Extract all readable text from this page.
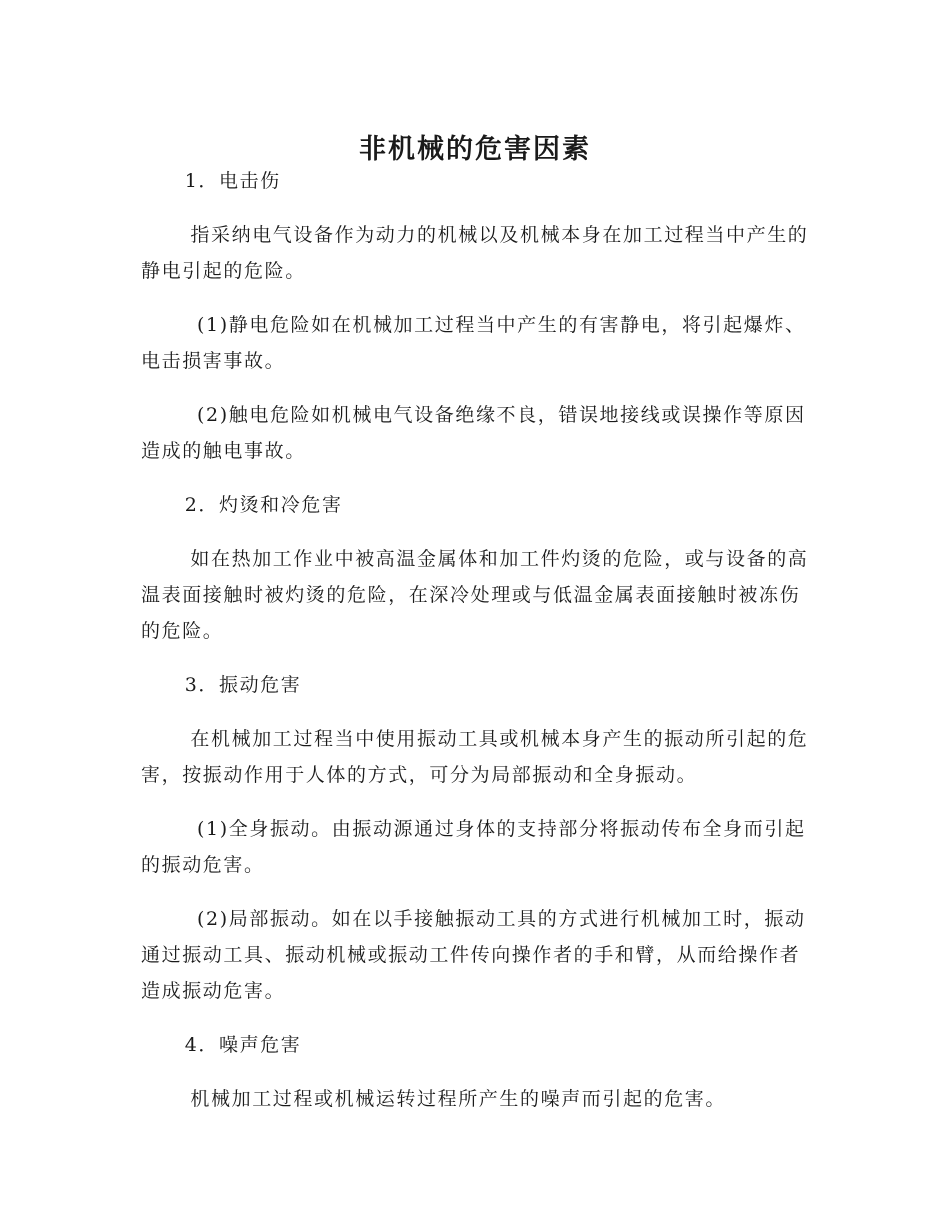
非机械的危害因素

1．电击伤

指采纳电气设备作为动力的机械以及机械本身在加工过程当中产生的静电引起的危险。

(1)静电危险如在机械加工过程当中产生的有害静电，将引起爆炸、电击损害事故。

(2)触电危险如机械电气设备绝缘不良，错误地接线或误操作等原因造成的触电事故。

2．灼烫和冷危害

如在热加工作业中被高温金属体和加工件灼烫的危险，或与设备的高温表面接触时被灼烫的危险，在深冷处理或与低温金属表面接触时被冻伤的危险。

3．振动危害

在机械加工过程当中使用振动工具或机械本身产生的振动所引起的危害，按振动作用于人体的方式，可分为局部振动和全身振动。

(1)全身振动。由振动源通过身体的支持部分将振动传布全身而引起的振动危害。

(2)局部振动。如在以手接触振动工具的方式进行机械加工时，振动通过振动工具、振动机械或振动工件传向操作者的手和臂，从而给操作者造成振动危害。

4．噪声危害

机械加工过程或机械运转过程所产生的噪声而引起的危害。
